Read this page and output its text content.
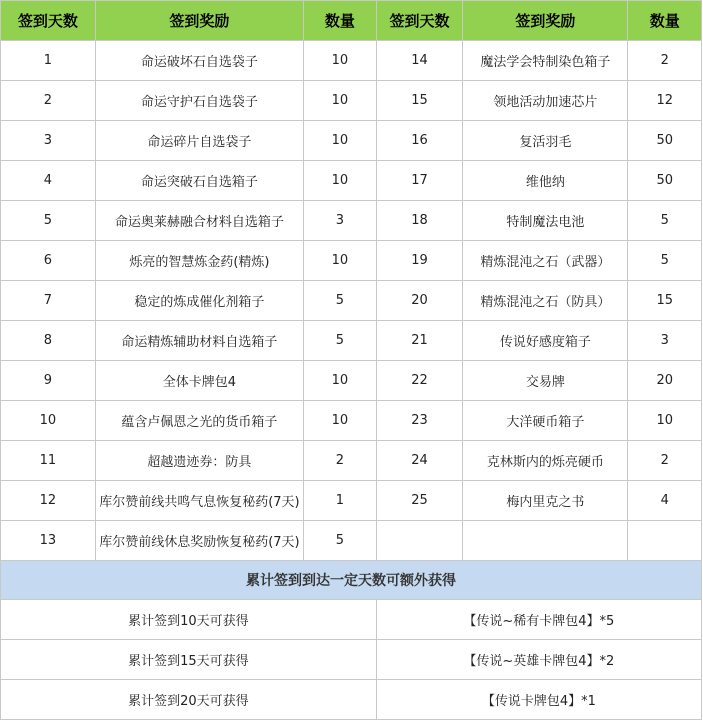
签到天数	签到奖励	数量	签到天数	签到奖励	数量
1	命运破坏石自选袋子	10	14	魔法学会特制染色箱子	2
2	命运守护石自选袋子	10	15	领地活动加速芯片	12
3	命运碎片自选袋子	10	16	复活羽毛	50
4	命运突破石自选箱子	10	17	维他纳	50
5	命运奥莱赫融合材料自选箱子	3	18	特制魔法电池	5
6	烁亮的智慧炼金药(精炼)	10	19	精炼混沌之石（武器）	5
7	稳定的炼成催化剂箱子	5	20	精炼混沌之石（防具）	15
8	命运精炼辅助材料自选箱子	5	21	传说好感度箱子	3
9	全体卡牌包4	10	22	交易牌	20
10	蕴含卢佩恩之光的货币箱子	10	23	大洋硬币箱子	10
11	超越遗迹券：防具	2	24	克林斯内的烁亮硬币	2
12	库尔赞前线共鸣气息恢复秘药(7天)	1	25	梅内里克之书	4
13	库尔赞前线休息奖励恢复秘药(7天)	5			
累计签到到达一定天数可额外获得					
累计签到10天可获得			【传说~稀有卡牌包4】*5		
累计签到15天可获得			【传说~英雄卡牌包4】*2		
累计签到20天可获得			【传说卡牌包4】*1		
